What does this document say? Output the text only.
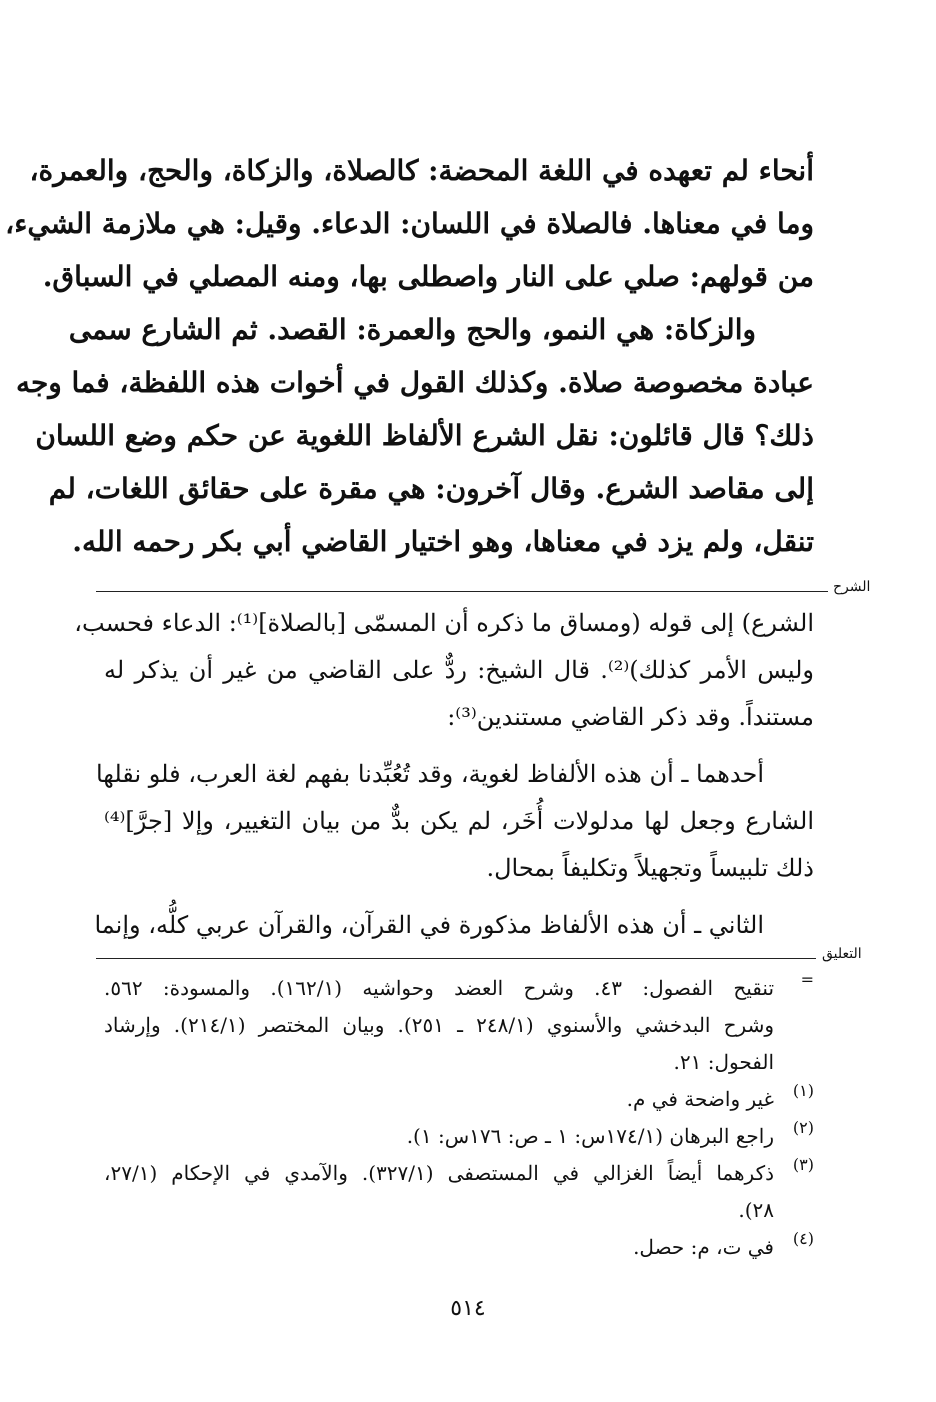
أنحاء لم تعهده في اللغة المحضة: كالصلاة، والزكاة، والحج، والعمرة،
وما في معناها. فالصلاة في اللسان: الدعاء. وقيل: هي ملازمة الشيء،
من قولهم: صلي على النار واصطلى بها، ومنه المصلي في السباق.
والزكاة: هي النمو، والحج والعمرة: القصد. ثم الشارع سمى
عبادة مخصوصة صلاة. وكذلك القول في أخوات هذه اللفظة، فما وجه
ذلك؟ قال قائلون: نقل الشرع الألفاظ اللغوية عن حكم وضع اللسان
إلى مقاصد الشرع. وقال آخرون: هي مقرة على حقائق اللغات، لم
تنقل، ولم يزد في معناها، وهو اختيار القاضي أبي بكر رحمه الله.
الشرح
الشرع) إلى قوله (ومساق ما ذكره أن المسمّى [بالصلاة]⁽¹⁾: الدعاء فحسب،
وليس الأمر كذلك)⁽²⁾. قال الشيخ: ردٌّ على القاضي من غير أن يذكر له
مستنداً. وقد ذكر القاضي مستندين⁽³⁾:
أحدهما ـ أن هذه الألفاظ لغوية، وقد تُعُبِّدنا بفهم لغة العرب، فلو نقلها
الشارع وجعل لها مدلولات أُخَر، لم يكن بدٌّ من بيان التغيير، وإلا [جرَّ]⁽⁴⁾
ذلك تلبيساً وتجهيلاً وتكليفاً بمحال.
الثاني ـ أن هذه الألفاظ مذكورة في القرآن، والقرآن عربي كلُّه، وإنما
التعليق
=
تنقيح الفصول: ٤٣. وشرح العضد وحواشيه (١٦٢/١). والمسودة: ٥٦٢.
وشرح البدخشي والأسنوي (٢٤٨/١ ـ ٢٥١). وبيان المختصر (٢١٤/١). وإرشاد
الفحول: ٢١.
(١)
غير واضحة في م.
(٢)
راجع البرهان (١٧٤/١س: ١ ـ ص: ١٧٦س: ١).
(٣)
ذكرهما أيضاً الغزالي في المستصفى (٣٢٧/١). والآمدي في الإحكام (٢٧/١،
٢٨).
(٤)
في ت، م: حصل.
٥١٤
